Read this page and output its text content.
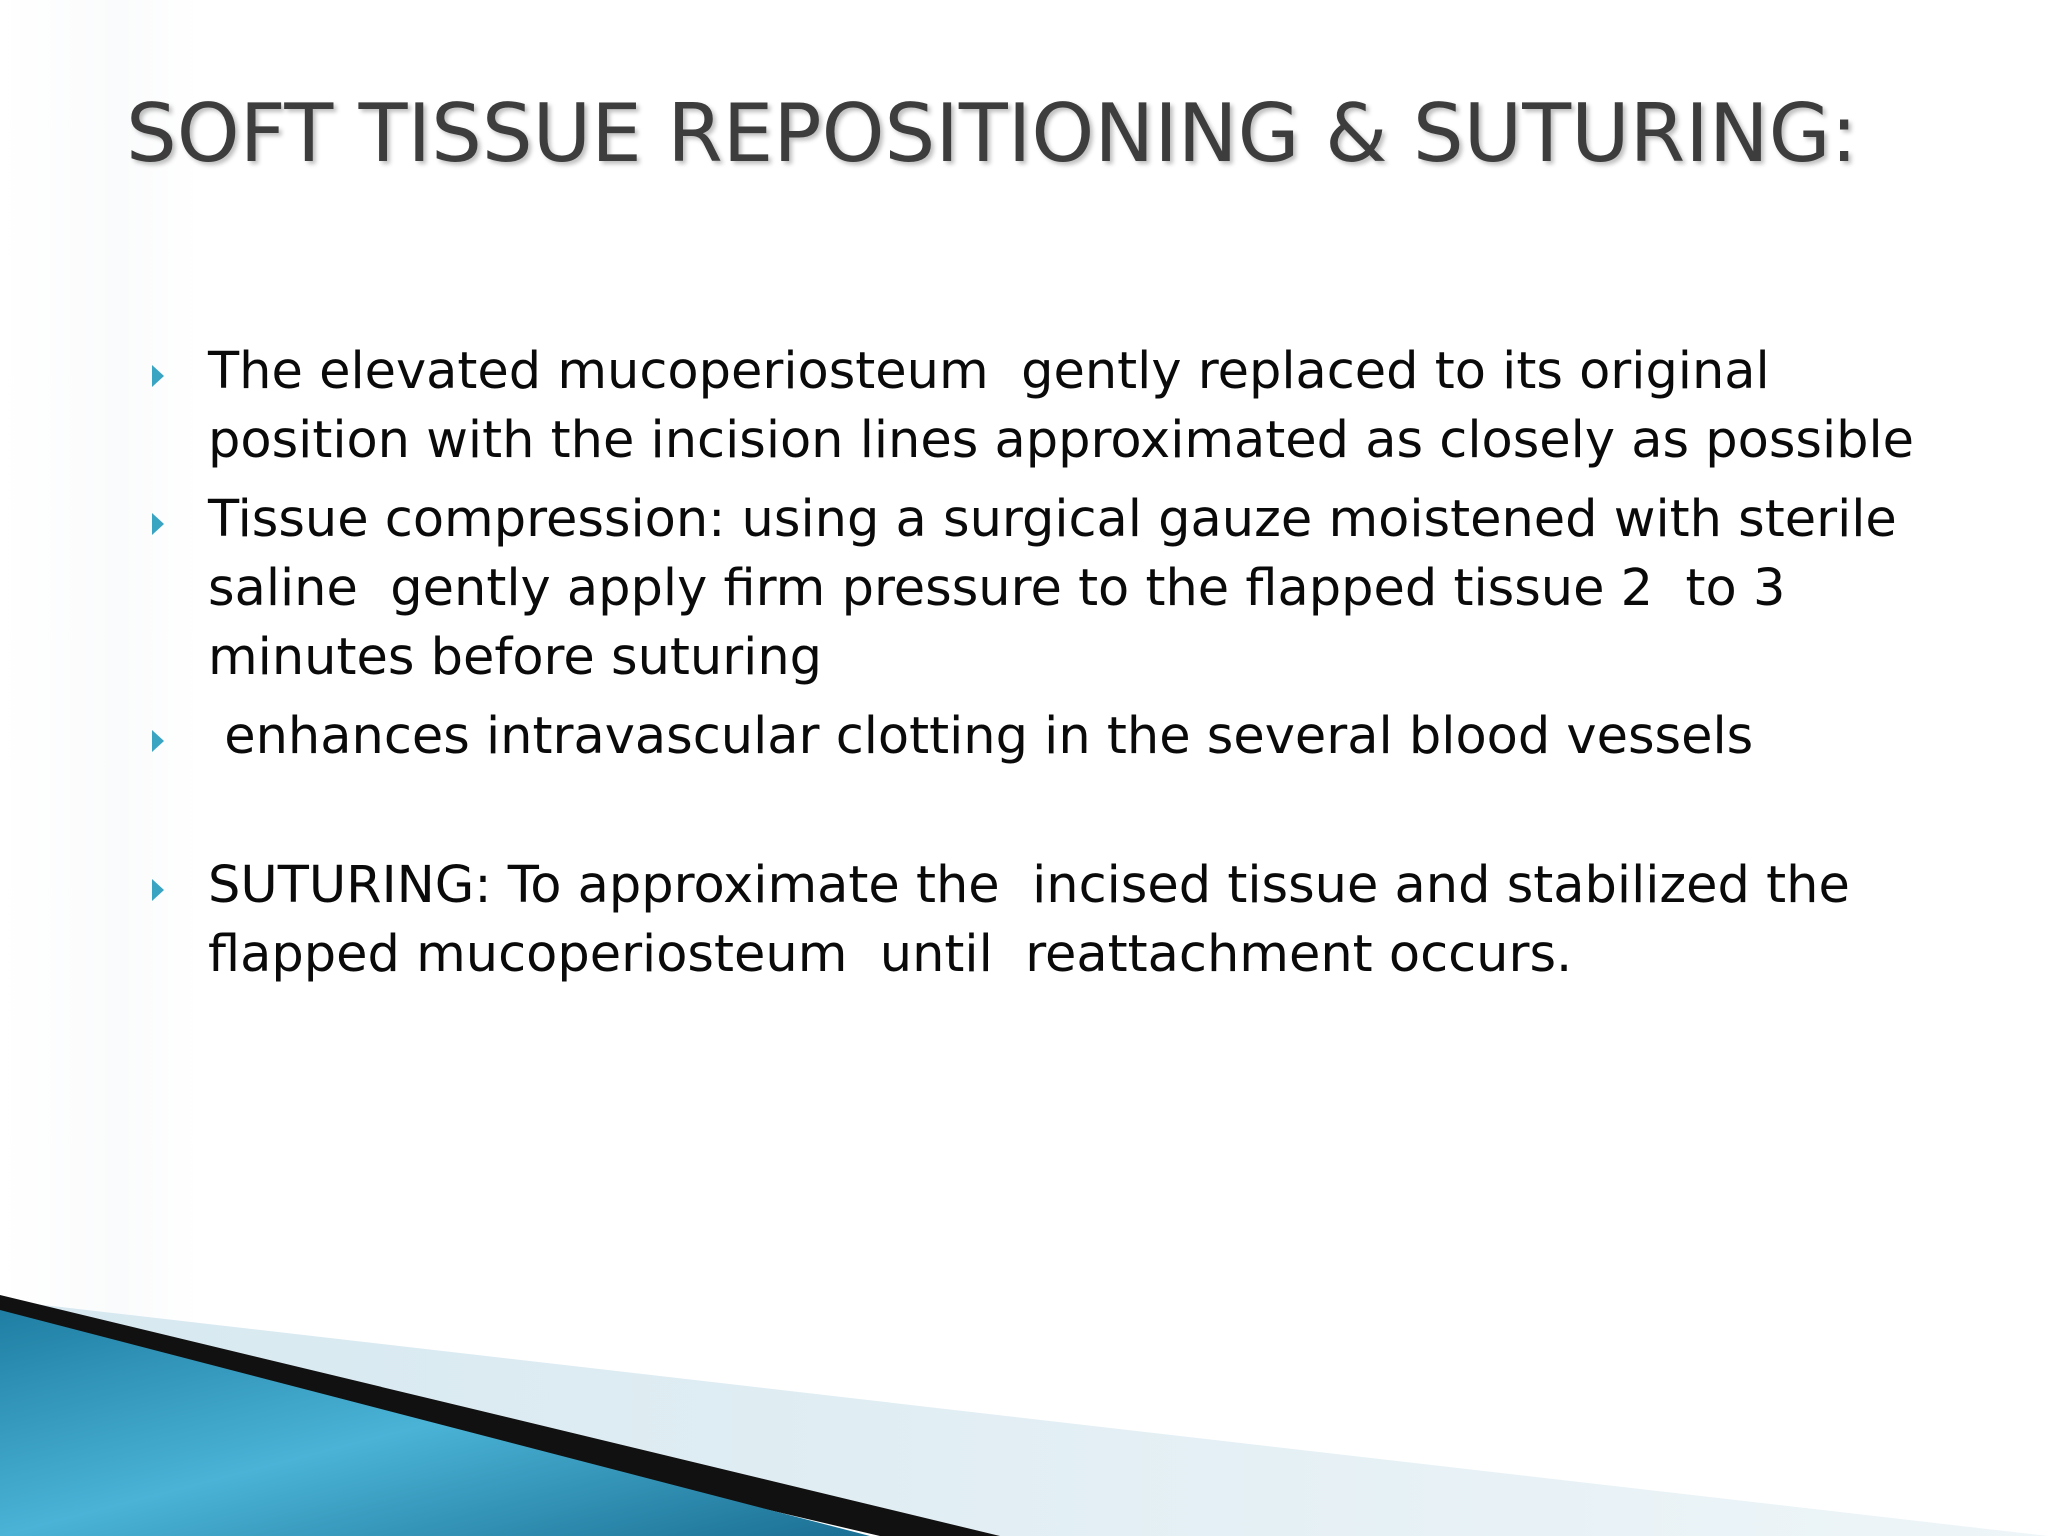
SOFT TISSUE REPOSITIONING & SUTURING:
The elevated mucoperiosteum  gently replaced to its original position with the incision lines approximated as closely as possible
Tissue compression: using a surgical gauze moistened with sterile saline  gently apply firm pressure to the flapped tissue 2  to 3 minutes before suturing
enhances intravascular clotting in the several blood vessels
SUTURING: To approximate the  incised tissue and stabilized the  flapped mucoperiosteum  until  reattachment occurs.
